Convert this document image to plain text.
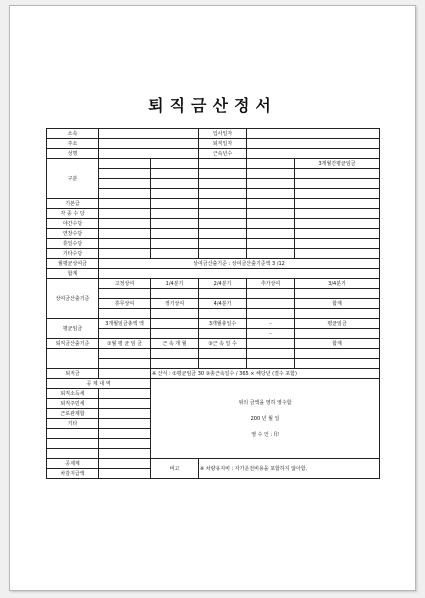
퇴직금산정서
소속			입사일자		
주소			퇴직일자		
성명			근속년수		
구분					3개월간평균임금

기본급					
각 종 수 당					
야간수당					
연장수당					
휴일수당					
기타수당					
월평균상여금	상여금산출기준 : 상여금산출기준액 3 /12				
합계					
상여금산출기준	고정상여	1/4분기	2/4분기	추가상여	3/4분기

	휴무상여	정기상여	4/4분기		합계

평균임금	3개월임금총액 액		3개월총일수	–	평균임금
				–	
퇴직금산출기준	①월 평 균 임 금	근 속 개 월	③근 속 일 수		합계

퇴직금		※ 산식 : ①평균임금 30 ③총근속일수 / 365 × 해당년 (결수 포함)			
공 제 내 역		위의 금액을 영히 영수함
200 년 월 일
영 수 인 : 印			

퇴직소득세					
퇴직주민세					
근로관제합					
기타					

공제계		비고	※ 차량유지비 : 자가운전비용을 포함하지 않아함.		
차감지급액					
